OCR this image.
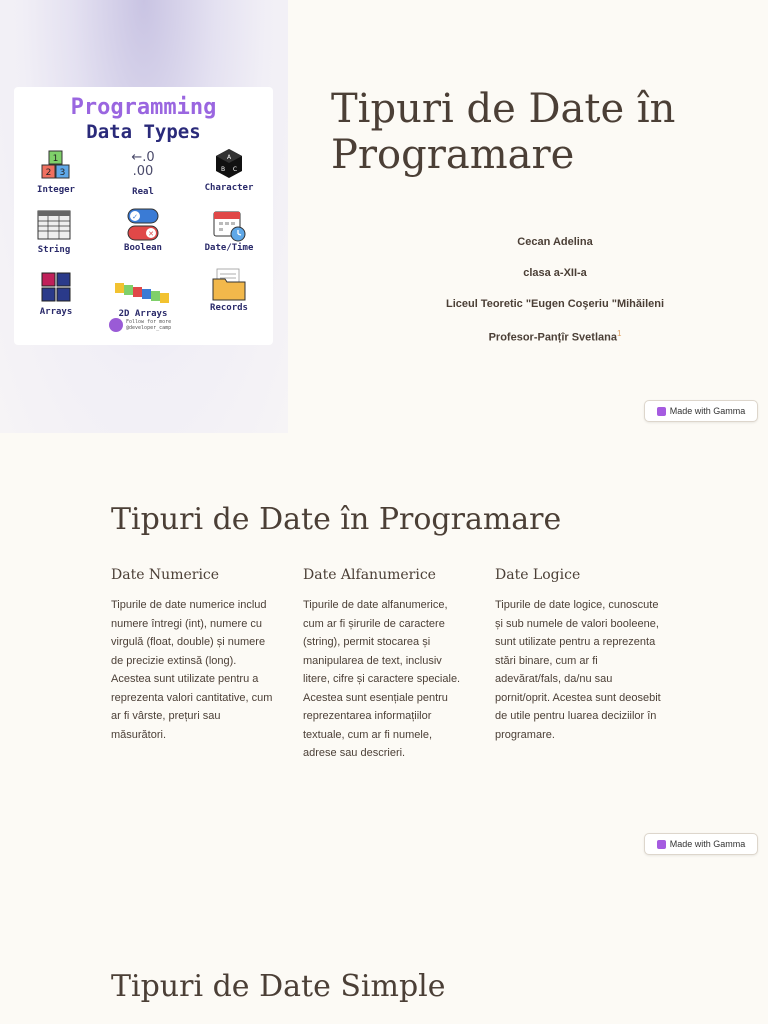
Programming
Data Types
1
2 3
Integer
←.0
.00
Real
A
B C
Character
String
✓
✕
Boolean	Date/Time
Arrays	2D Arrays
Records
Follow for more
@developer_camp
Tipuri de Date în Programare
Cecan Adelina
clasa a-XII-a
Liceul Teoretic "Eugen Coşeriu "Mihăileni
Profesor-Panțîr Svetlana$^1$
Made with Gamma
Tipuri de Date în Programare
Date Numerice
Tipurile de date numerice includ numere întregi (int), numere cu virgulă (float, double) și numere de precizie extinsă (long). Acestea sunt utilizate pentru a reprezenta valori cantitative, cum ar fi vârste, prețuri sau măsurători.
Date Alfanumerice
Tipurile de date alfanumerice, cum ar fi șirurile de caractere (string), permit stocarea și manipularea de text, inclusiv litere, cifre și caractere speciale. Acestea sunt esențiale pentru reprezentarea informațiilor textuale, cum ar fi numele, adrese sau descrieri.
Date Logice
Tipurile de date logice, cunoscute și sub numele de valori booleene, sunt utilizate pentru a reprezenta stări binare, cum ar fi adevărat/fals, da/nu sau pornit/oprit. Acestea sunt deosebit de utile pentru luarea deciziilor în programare.
Made with Gamma
Tipuri de Date Simple
